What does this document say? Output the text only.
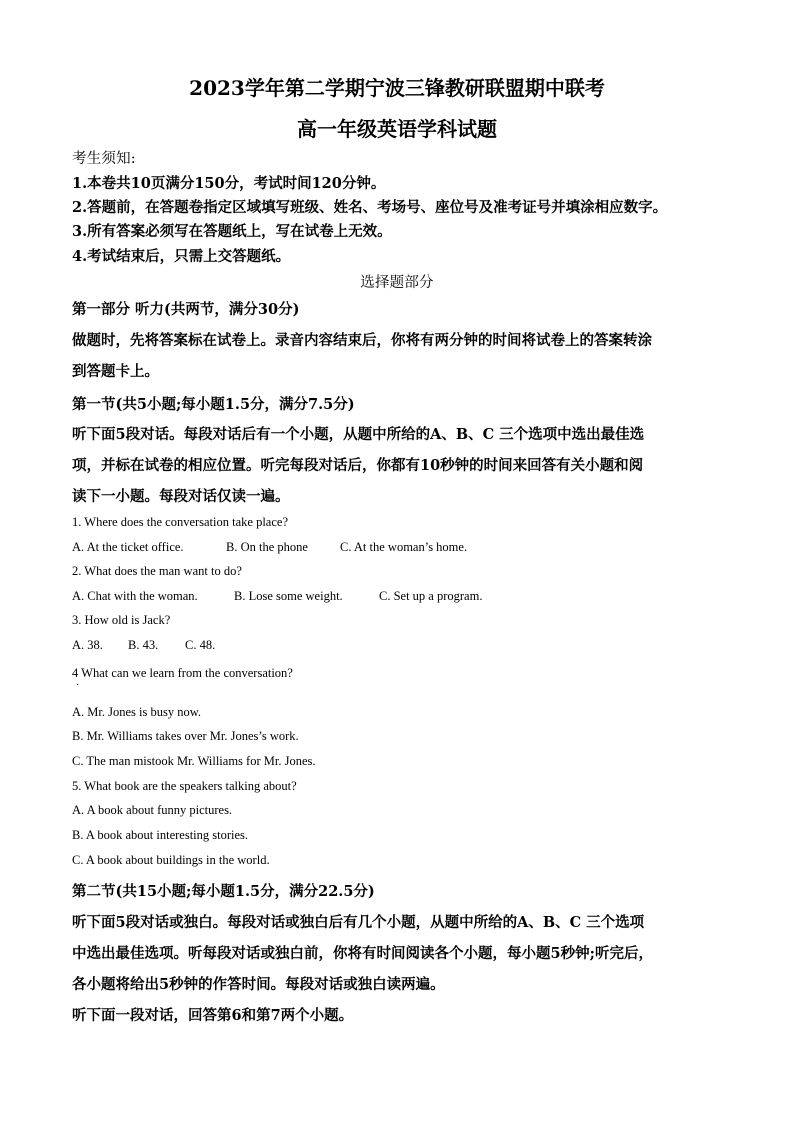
2023学年第二学期宁波三锋教研联盟期中联考
高一年级英语学科试题
考生须知:
1.本卷共10页满分150分，考试时间120分钟。
2.答题前，在答题卷指定区域填写班级、姓名、考场号、座位号及准考证号并填涂相应数字。
3.所有答案必须写在答题纸上，写在试卷上无效。
4.考试结束后，只需上交答题纸。
选择题部分
第一部分 听力(共两节，满分30分)
做题时，先将答案标在试卷上。录音内容结束后，你将有两分钟的时间将试卷上的答案转涂
到答题卡上。
第一节(共5小题;每小题1.5分，满分7.5分)
听下面5段对话。每段对话后有一个小题，从题中所给的A、B、C 三个选项中选出最佳选
项，并标在试卷的相应位置。听完每段对话后，你都有10秒钟的时间来回答有关小题和阅
读下一小题。每段对话仅读一遍。
1. Where does the conversation take place?
A. At the ticket office.	B. On the phone	C. At the woman’s home.
2. What does the man want to do?
A. Chat with the woman.	B. Lose some weight.	C. Set up a program.
3. How old is Jack?
A. 38. B. 43. C. 48.
4 What can we learn from the conversation?
·
A. Mr. Jones is busy now.
B. Mr. Williams takes over Mr. Jones’s work.
C. The man mistook Mr. Williams for Mr. Jones.
5. What book are the speakers talking about?
A. A book about funny pictures.
B. A book about interesting stories.
C. A book about buildings in the world.
第二节(共15小题;每小题1.5分，满分22.5分)
听下面5段对话或独白。每段对话或独白后有几个小题，从题中所给的A、B、C 三个选项
中选出最佳选项。听每段对话或独白前，你将有时间阅读各个小题，每小题5秒钟;听完后，
各小题将给出5秒钟的作答时间。每段对话或独白读两遍。
听下面一段对话，回答第6和第7两个小题。
